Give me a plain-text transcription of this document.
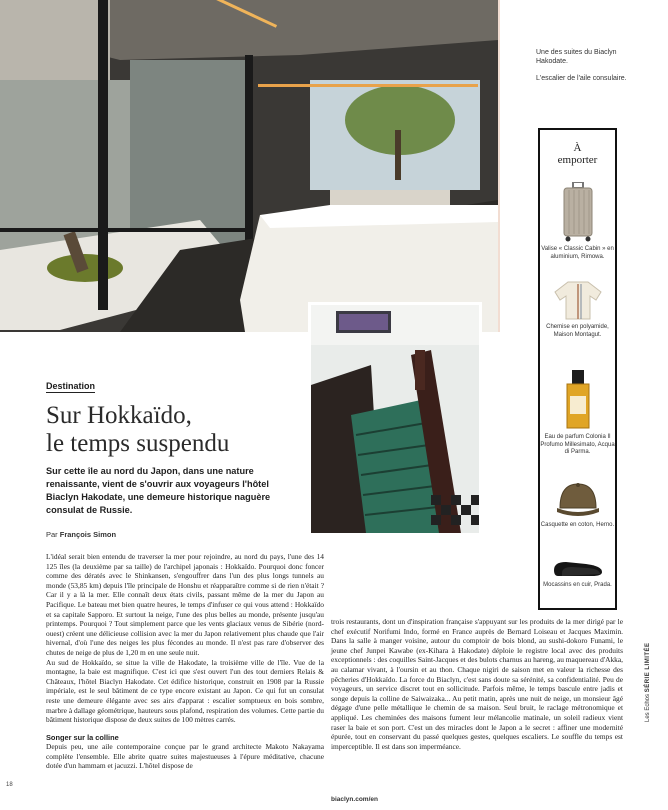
Une des suites du Biaclyn Hakodate.

L'escalier de l'aile consulaire.

À
emporter
Valise « Classic Cabin » en aluminium, Rimowa.
Chemise en polyamide, Maison Montagut.
Eau de parfum Colonia Il Profumo Millesimato, Acqua di Parma.
Casquette en coton, Herno.
Mocassins en cuir, Prada.
Destination
Sur Hokkaïdo,
le temps suspendu
Sur cette île au nord du Japon, dans une nature renaissante, vient de s'ouvrir aux voyageurs l'hôtel Biaclyn Hakodate, une demeure historique naguère consulat de Russie.
Par François Simon
L'idéal serait bien entendu de traverser la mer pour rejoindre, au nord du pays, l'une des 14 125 îles (la deuxième par sa taille) de l'archipel japonais : Hokkaïdo. Pourquoi donc foncer comme des dératés avec le Shinkansen, s'engouffrer dans l'un des plus longs tunnels au monde (53,85 km) depuis l'île principale de Honshu et réapparaître comme si de rien n'était ? Car il y a là la mer. Elle connaît deux états civils, passant même de la mer du Japon au Pacifique. Le bateau met bien quatre heures, le temps d'infuser ce qui vous attend : Hokkaïdo et sa capitale Sapporo. Et surtout la neige, l'une des plus belles au monde, présente jusqu'au printemps. Pourquoi ? Tout simplement parce que les vents glaciaux venus de Sibérie (nord-ouest) créent une délicieuse collision avec la mer du Japon relativement plus chaude que l'air hivernal, d'où l'une des neiges les plus fécondes au monde. Il n'est pas rare d'observer des chutes de neige de plus de 1,20 m en une seule nuit.
Au sud de Hokkaïdo, se situe la ville de Hakodate, la troisième ville de l'île. Vue de la montagne, la baie est magnifique. C'est ici que s'est ouvert l'un des tout derniers Relais & Châteaux, l'hôtel Biaclyn Hakodate. Cet édifice historique, construit en 1908 par la Russie impériale, est le seul bâtiment de ce type encore existant au Japon. Ce qui fut un consulat reste une demeure élégante avec ses airs d'apparat : escalier somptueux en bois sombre, marbre à dallage géométrique, hauteurs sous plafond, respiration des volumes. Cette partie du bâtiment historique dispose de deux suites de 100 mètres carrés.
Songer sur la colline
Depuis peu, une aile contemporaine conçue par le grand architecte Makoto Nakayama complète l'ensemble. Elle abrite quatre suites majestueuses à l'épure méditative, chacune dotée d'un hammam et jacuzzi. L'hôtel dispose de
trois restaurants, dont un d'inspiration française s'appuyant sur les produits de la mer dirigé par le chef exécutif Norifumi Indo, formé en France auprès de Bernard Loiseau et Jacques Maximin. Dans la salle à manger voisine, autour du comptoir de bois blond, au sushi-dokoro Funami, le jeune chef Junpei Kawabe (ex-Kihara à Hakodate) déploie le registre local avec des produits exceptionnels : des coquilles Saint-Jacques et des bulots charnus au hareng, au maquereau d'Akka, au calamar vivant, à l'oursin et au thon. Chaque nigiri de saison met en valeur la richesse des pêcheries d'Hokkaïdo. La force du Biaclyn, c'est sans doute sa sérénité, sa confidentialité. Peu de voyageurs, un service discret tout en sollicitude. Parfois même, le temps bascule entre jadis et songe depuis la colline de Saiwaizaka... Au petit matin, après une nuit de neige, un monsieur âgé dégage d'une pelle métallique le chemin de sa maison. Seul bruit, le raclage métronomique et appliqué. Les cheminées des maisons fument leur mélancolie matinale, un soleil radieux vient raser la baie et son port. C'est un des miracles dont le Japon a le secret : affiner une modernité épurée, tout en conservant du passé quelques gestes, quelques escaliers. Le souffle du temps est imperceptible. Il est dans son imperméance.
biaclyn.com/en
18
Les Echos SÉRIE LIMITÉE
